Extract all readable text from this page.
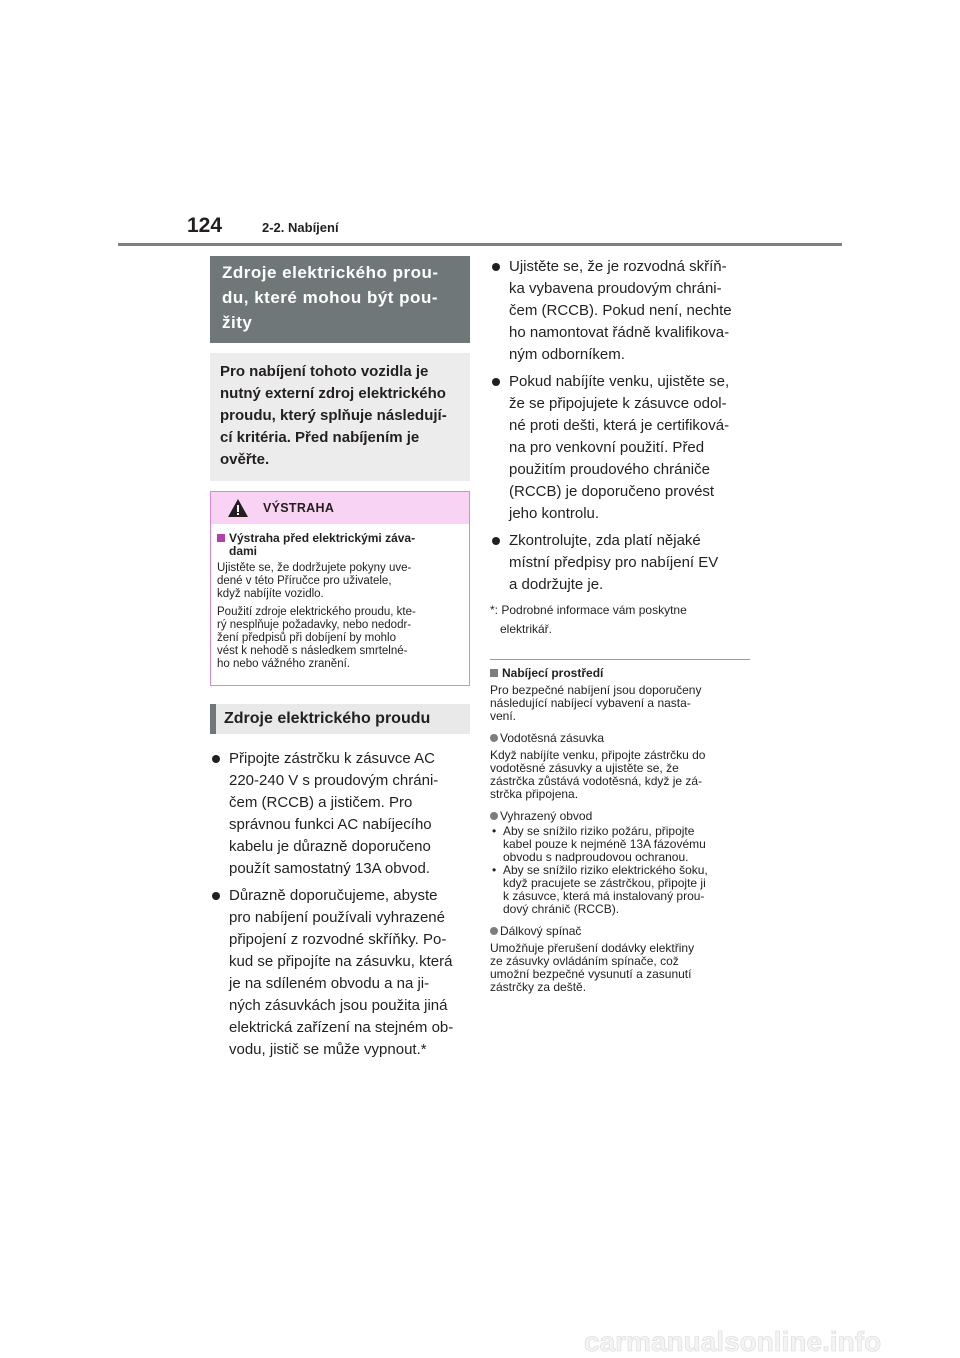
124	2-2. Nabíjení
Zdroje elektrického prou-
du, které mohou být pou-
žity
Pro nabíjení tohoto vozidla je
nutný externí zdroj elektrického
proudu, který splňuje následují-
cí kritéria. Před nabíjením je
ověřte.
VÝSTRAHA
Výstraha před elektrickými záva-
dami
Ujistěte se, že dodržujete pokyny uve-
dené v této Příručce pro uživatele,
když nabíjíte vozidlo.
Použití zdroje elektrického proudu, kte-
rý nesplňuje požadavky, nebo nedodr-
žení předpisů při dobíjení by mohlo
vést k nehodě s následkem smrtelné-
ho nebo vážného zranění.
Zdroje elektrického proudu
Připojte zástrčku k zásuvce AC
220-240 V s proudovým chráni-
čem (RCCB) a jističem. Pro
správnou funkci AC nabíjecího
kabelu je důrazně doporučeno
použít samostatný 13A obvod.
Důrazně doporučujeme, abyste
pro nabíjení používali vyhrazené
připojení z rozvodné skříňky. Po-
kud se připojíte na zásuvku, která
je na sdíleném obvodu a na ji-
ných zásuvkách jsou použita jiná
elektrická zařízení na stejném ob-
vodu, jistič se může vypnout.*
Ujistěte se, že je rozvodná skříň-
ka vybavena proudovým chráni-
čem (RCCB). Pokud není, nechte
ho namontovat řádně kvalifikova-
ným odborníkem.
Pokud nabíjíte venku, ujistěte se,
že se připojujete k zásuvce odol-
né proti dešti, která je certifiková-
na pro venkovní použití. Před
použitím proudového chrániče
(RCCB) je doporučeno provést
jeho kontrolu.
Zkontrolujte, zda platí nějaké
místní předpisy pro nabíjení EV
a dodržujte je.
*: Podrobné informace vám poskytne
elektrikář.
Nabíjecí prostředí
Pro bezpečné nabíjení jsou doporučeny
následující nabíjecí vybavení a nasta-
vení.
Vodotěsná zásuvka
Když nabíjíte venku, připojte zástrčku do
vodotěsné zásuvky a ujistěte se, že
zástrčka zůstává vodotěsná, když je zá-
strčka připojena.
Vyhrazený obvod
• Aby se snížilo riziko požáru, připojte
kabel pouze k nejméně 13A fázovému
obvodu s nadproudovou ochranou.
• Aby se snížilo riziko elektrického šoku,
když pracujete se zástrčkou, připojte ji
k zásuvce, která má instalovaný prou-
dový chránič (RCCB).
Dálkový spínač
Umožňuje přerušení dodávky elektřiny
ze zásuvky ovládáním spínače, což
umožní bezpečné vysunutí a zasunutí
zástrčky za deště.
carmanualsonline.info
